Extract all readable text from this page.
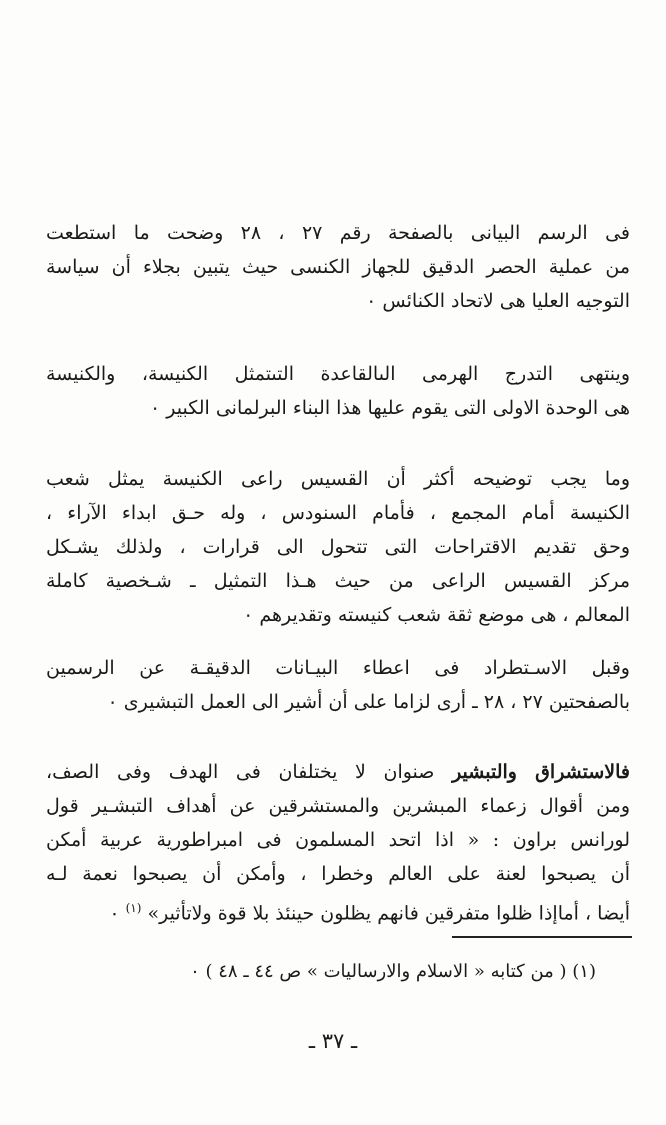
فى الرسم البيانى بالصفحة رقم ٢٧ ، ٢٨ وضحت ما استطعت
من عملية الحصر الدقيق للجهاز الكنسى حيث يتبين بجلاء أن سياسة
التوجيه العليا هى لاتحاد الكنائس ٠
وينتهى التدرج الهرمى الىالقاعدة التىتمثل الكنيسة، والكنيسة
هى الوحدة الاولى التى يقوم عليها هذا البناء البرلمانى الكبير ٠
وما يجب توضيحه أكثر أن القسيس راعى الكنيسة يمثل شعب
الكنيسة أمام المجمع ، فأمام السنودس ، وله حـق ابداء الآراء ،
وحق تقديم الاقتراحات التى تتحول الى قرارات ، ولذلك يشـكل
مركز القسيس الراعى من حيث هـذا التمثيل ـ شـخصية كاملة
المعالم ، هى موضع ثقة شعب كنيسته وتقديرهم ٠
وقبل الاسـتطراد فى اعطاء البيـانات الدقيقـة عن الرسمين
بالصفحتين ٢٧ ، ٢٨ ـ أرى لزاما على أن أشير الى العمل التبشيرى ٠
فالاستشراق والتبشير صنوان لا يختلفان فى الهدف وفى الصف،
ومن أقوال زعماء المبشرين والمستشرقين عن أهداف التبشـير قول
لورانس براون : « اذا اتحد المسلمون فى امبراطورية عربية أمكن
أن يصبحوا لعنة على العالم وخطرا ، وأمكن أن يصبحوا نعمة لـه
أيضا ، أماإذا ظلوا متفرقين فانهم يظلون حينئذ بلا قوة ولاتأثير» $^{(١)}$ ٠
(١) ( من كتابه « الاسلام والارساليات » ص ٤٤ ـ ٤٨ ) ٠
ـ ٣٧ ـ
